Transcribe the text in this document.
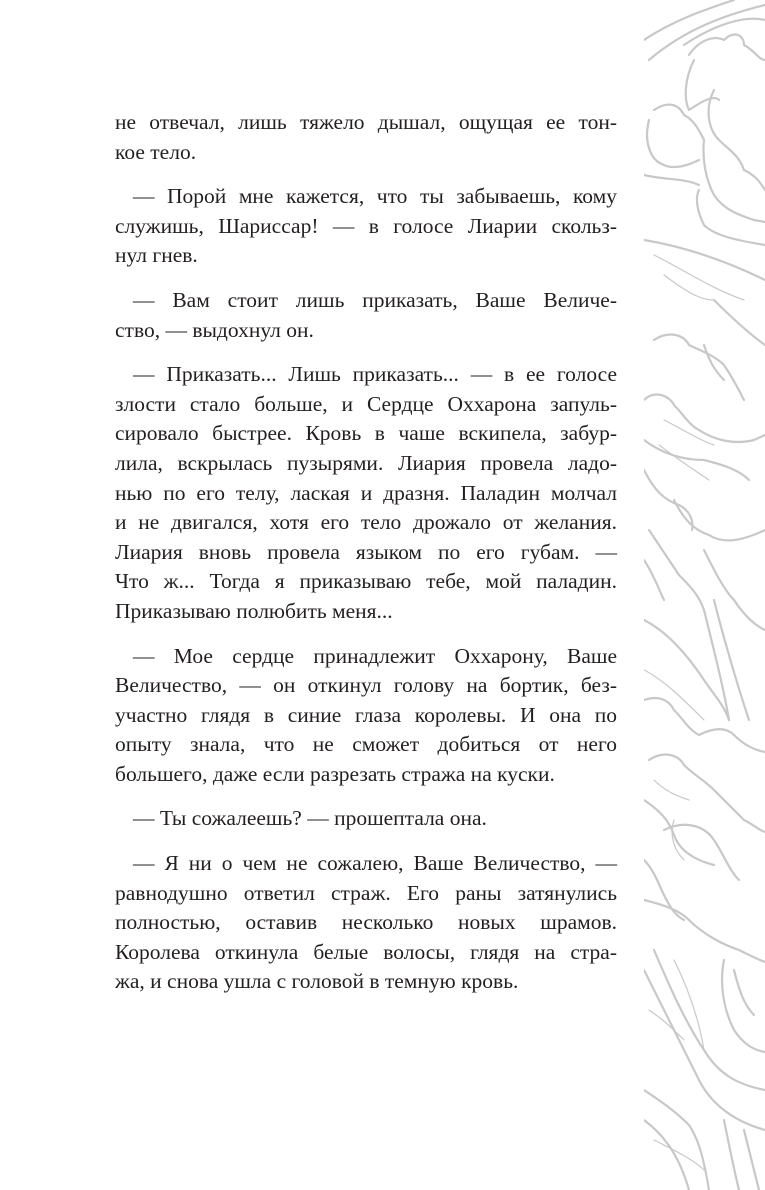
не отвечал, лишь тяжело дышал, ощущая ее тон-
кое тело.

— Порой мне кажется, что ты забываешь, кому
служишь, Шариссар! — в голосе Лиарии скольз-
нул гнев.

— Вам стоит лишь приказать, Ваше Величе-
ство, — выдохнул он.

— Приказать... Лишь приказать... — в ее голосе
злости стало больше, и Сердце Оххарона запуль-
сировало быстрее. Кровь в чаше вскипела, забур-
лила, вскрылась пузырями. Лиария провела ладо-
нью по его телу, лаская и дразня. Паладин молчал
и не двигался, хотя его тело дрожало от желания.
Лиария вновь провела языком по его губам. —
Что ж... Тогда я приказываю тебе, мой паладин.
Приказываю полюбить меня...

— Мое сердце принадлежит Оххарону, Ваше
Величество, — он откинул голову на бортик, без-
участно глядя в синие глаза королевы. И она по
опыту знала, что не сможет добиться от него
большего, даже если разрезать стража на куски.

— Ты сожалеешь? — прошептала она.

— Я ни о чем не сожалею, Ваше Величество, —
равнодушно ответил страж. Его раны затянулись
полностью, оставив несколько новых шрамов.
Королева откинула белые волосы, глядя на стра-
жа, и снова ушла с головой в темную кровь.
